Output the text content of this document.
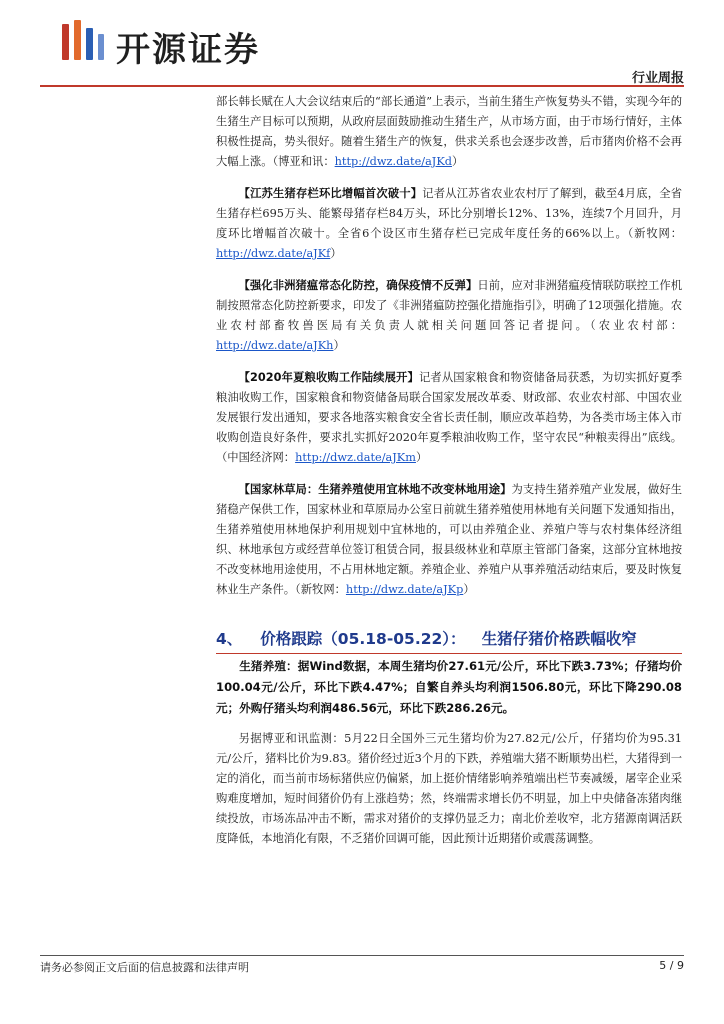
开源证券
行业周报

部长韩长赋在人大会议结束后的“部长通道”上表示，当前生猪生产恢复势头不错，实现今年的生猪生产目标可以预期，从政府层面鼓励推动生猪生产，从市场方面，由于市场行情好，主体积极性提高，势头很好。随着生猪生产的恢复，供求关系也会逐步改善，后市猪肉价格不会再大幅上涨。（博亚和讯：http://dwz.date/aJKd）

【江苏生猪存栏环比增幅首次破十】记者从江苏省农业农村厅了解到，截至4月底，全省生猪存栏695万头、能繁母猪存栏84万头，环比分别增长12%、13%，连续7个月回升，月度环比增幅首次破十。全省6个设区市生猪存栏已完成年度任务的66%以上。（新牧网：http://dwz.date/aJKf）

【强化非洲猪瘟常态化防控，确保疫情不反弹】日前，应对非洲猪瘟疫情联防联控工作机制按照常态化防控新要求，印发了《非洲猪瘟防控强化措施指引》，明确了12项强化措施。农业农村部畜牧兽医局有关负责人就相关问题回答记者提问。（农业农村部：http://dwz.date/aJKh）

【2020年夏粮收购工作陆续展开】记者从国家粮食和物资储备局获悉，为切实抓好夏季粮油收购工作，国家粮食和物资储备局联合国家发展改革委、财政部、农业农村部、中国农业发展银行发出通知，要求各地落实粮食安全省长责任制，顺应改革趋势，为各类市场主体入市收购创造良好条件，要求扎实抓好2020年夏季粮油收购工作，坚守农民“种粮卖得出”底线。（中国经济网：http://dwz.date/aJKm）

【国家林草局：生猪养殖使用宜林地不改变林地用途】为支持生猪养殖产业发展，做好生猪稳产保供工作，国家林业和草原局办公室日前就生猪养殖使用林地有关问题下发通知指出，生猪养殖使用林地保护利用规划中宜林地的，可以由养殖企业、养殖户等与农村集体经济组织、林地承包方或经营单位签订租赁合同，报县级林业和草原主管部门备案，这部分宜林地按不改变林地用途使用，不占用林地定额。养殖企业、养殖户从事养殖活动结束后，要及时恢复林业生产条件。（新牧网：http://dwz.date/aJKp）

4、 价格跟踪（05.18-05.22）： 生猪仔猪价格跌幅收窄

生猪养殖：据Wind数据，本周生猪均价27.61元/公斤，环比下跌3.73%；仔猪均价100.04元/公斤，环比下跌4.47%；自繁自养头均利润1506.80元，环比下降290.08元；外购仔猪头均利润486.56元，环比下跌286.26元。

另据博亚和讯监测：5月22日全国外三元生猪均价为27.82元/公斤，仔猪均价为95.31元/公斤，猪料比价为9.83。猪价经过近3个月的下跌，养殖端大猪不断顺势出栏，大猪得到一定的消化，而当前市场标猪供应仍偏紧，加上挺价情绪影响养殖端出栏节奏减缓，屠宰企业采购难度增加，短时间猪价仍有上涨趋势；然，终端需求增长仍不明显，加上中央储备冻猪肉继续投放，市场冻品冲击不断，需求对猪价的支撑仍显乏力；南北价差收窄，北方猪源南调活跃度降低，本地消化有限，不乏猪价回调可能，因此预计近期猪价或震荡调整。

请务必参阅正文后面的信息披露和法律声明	5 / 9
